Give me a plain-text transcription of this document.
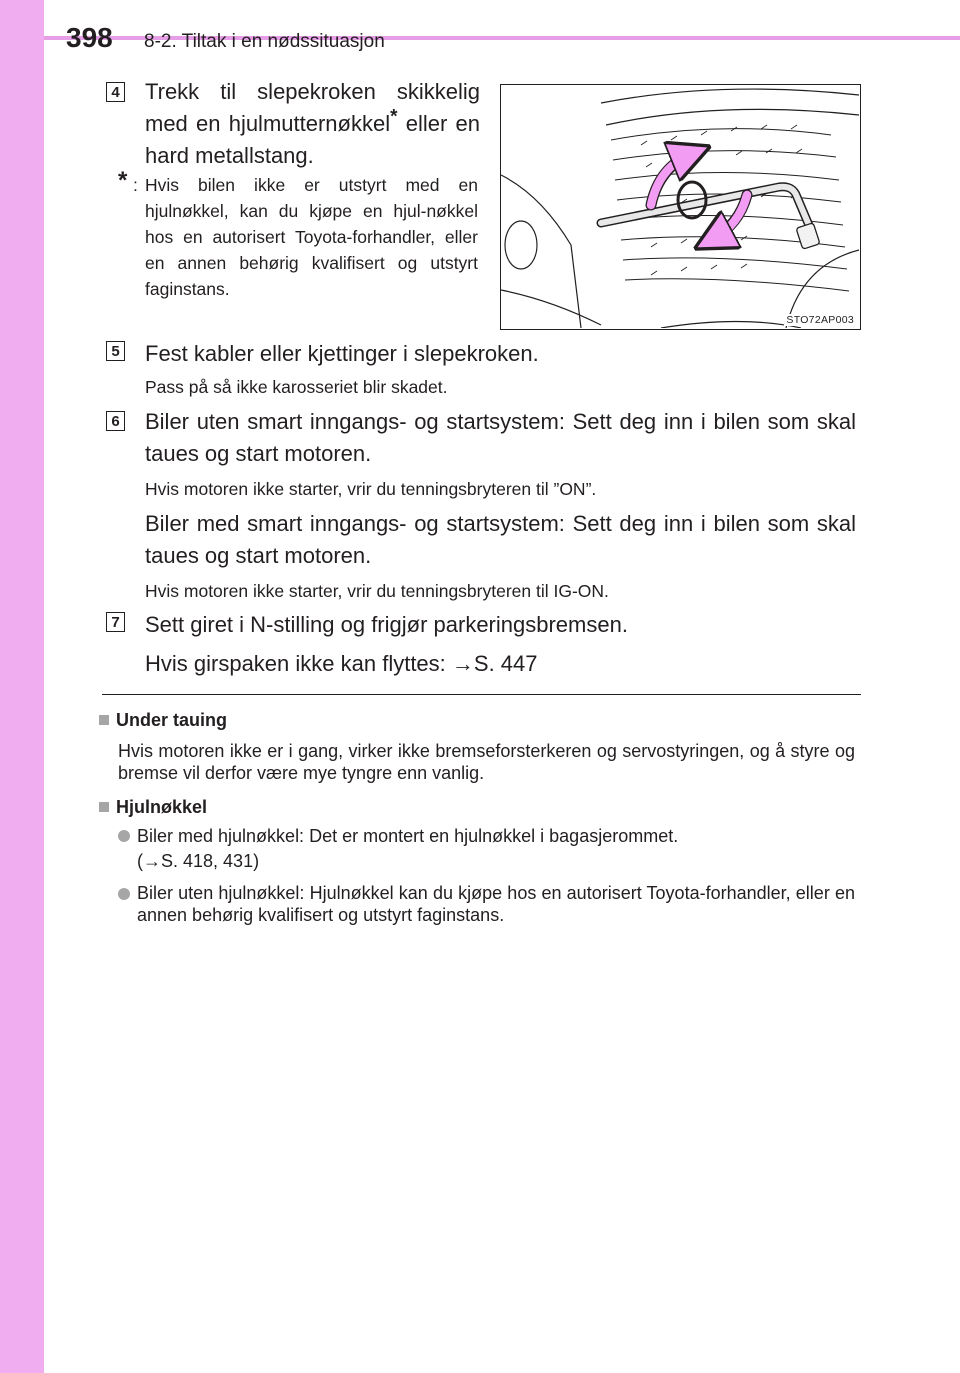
398 8-2. Tiltak i en nødssituasjon
4 Trekk til slepekroken skikkelig med en hjulmutternøkkel* eller en hard metallstang.
* : Hvis bilen ikke er utstyrt med en hjulnøkkel, kan du kjøpe en hjul-nøkkel hos en autorisert Toyota-forhandler, eller en annen behørig kvalifisert og utstyrt faginstans.
STO72AP003
5 Fest kabler eller kjettinger i slepekroken.
Pass på så ikke karosseriet blir skadet.
6 Biler uten smart inngangs- og startsystem: Sett deg inn i bilen som skal taues og start motoren.
Hvis motoren ikke starter, vrir du tenningsbryteren til ”ON”.
Biler med smart inngangs- og startsystem: Sett deg inn i bilen som skal taues og start motoren.
Hvis motoren ikke starter, vrir du tenningsbryteren til IG-ON.
7 Sett giret i N-stilling og frigjør parkeringsbremsen.
Hvis girspaken ikke kan flyttes: →S. 447
Under tauing
Hvis motoren ikke er i gang, virker ikke bremseforsterkeren og servostyringen, og å styre og bremse vil derfor være mye tyngre enn vanlig.
Hjulnøkkel
Biler med hjulnøkkel: Det er montert en hjulnøkkel i bagasjerommet.
(→S. 418, 431)
Biler uten hjulnøkkel: Hjulnøkkel kan du kjøpe hos en autorisert Toyota-forhandler, eller en annen behørig kvalifisert og utstyrt faginstans.
